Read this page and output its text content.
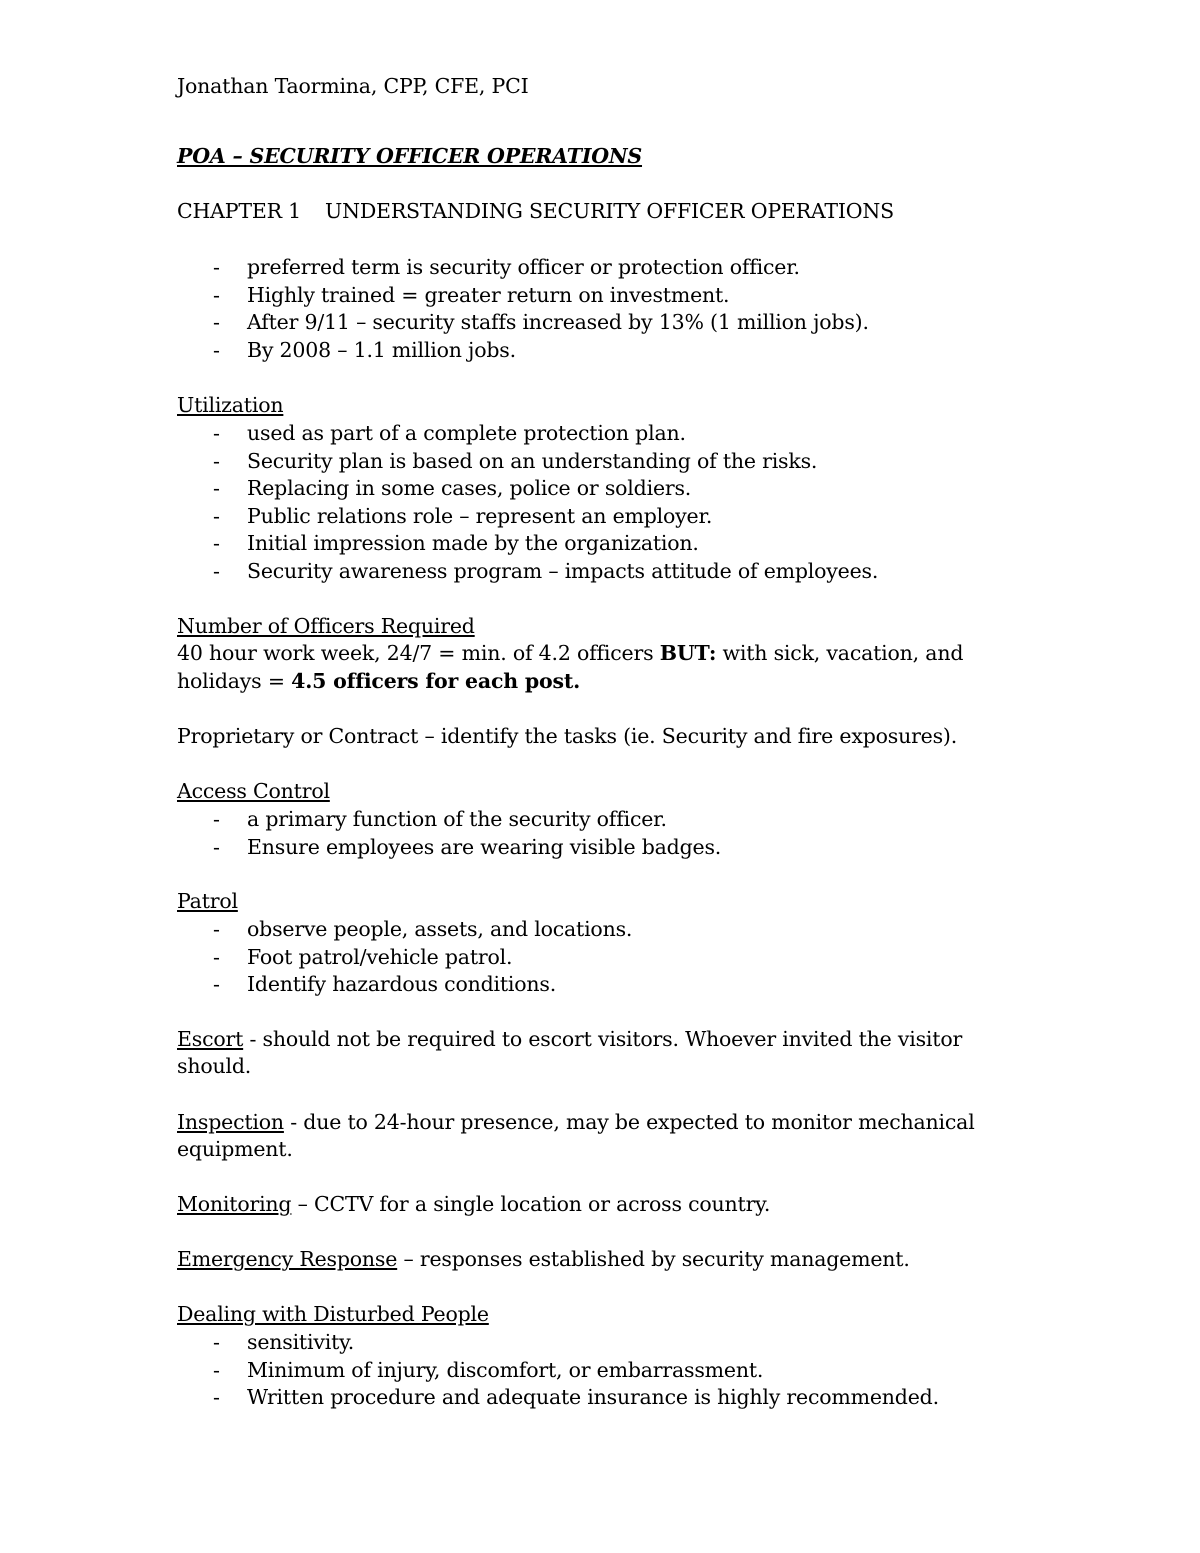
Jonathan Taormina, CPP, CFE, PCI
POA – SECURITY OFFICER OPERATIONS
CHAPTER 1 UNDERSTANDING SECURITY OFFICER OPERATIONS
- preferred term is security officer or protection officer.
- Highly trained = greater return on investment.
- After 9/11 – security staffs increased by 13% (1 million jobs).
- By 2008 – 1.1 million jobs.
Utilization
- used as part of a complete protection plan.
- Security plan is based on an understanding of the risks.
- Replacing in some cases, police or soldiers.
- Public relations role – represent an employer.
- Initial impression made by the organization.
- Security awareness program – impacts attitude of employees.
Number of Officers Required
40 hour work week, 24/7 = min. of 4.2 officers BUT: with sick, vacation, and
holidays = 4.5 officers for each post.
Proprietary or Contract – identify the tasks (ie. Security and fire exposures).
Access Control
- a primary function of the security officer.
- Ensure employees are wearing visible badges.
Patrol
- observe people, assets, and locations.
- Foot patrol/vehicle patrol.
- Identify hazardous conditions.
Escort - should not be required to escort visitors. Whoever invited the visitor
should.
Inspection - due to 24-hour presence, may be expected to monitor mechanical
equipment.
Monitoring – CCTV for a single location or across country.
Emergency Response – responses established by security management.
Dealing with Disturbed People
- sensitivity.
- Minimum of injury, discomfort, or embarrassment.
- Written procedure and adequate insurance is highly recommended.
